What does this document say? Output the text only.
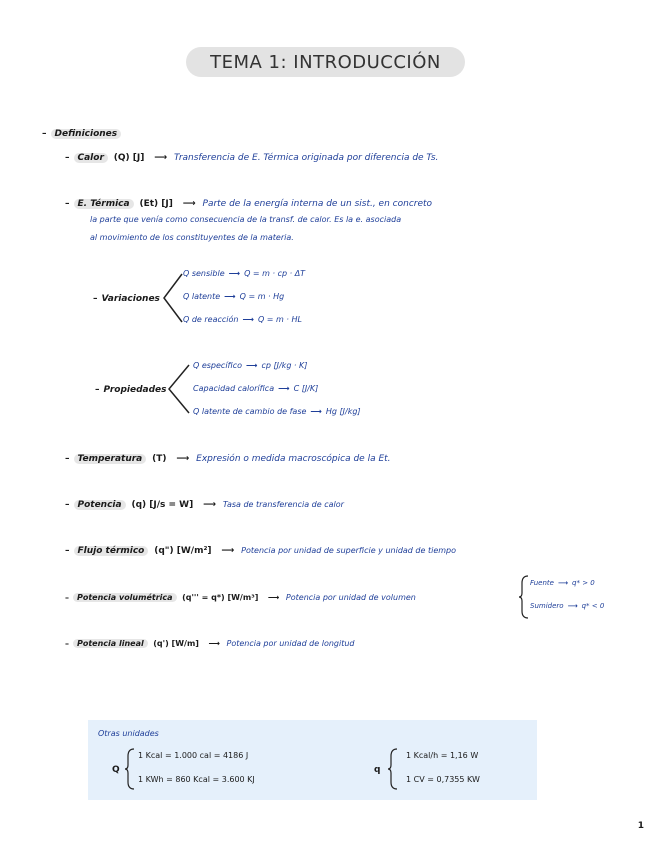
TEMA 1: INTRODUCCIÓN
– Definiciones
– Calor (Q) [J] ⟶ Transferencia de E. Térmica originada por diferencia de Ts.
– E. Térmica (Et) [J] ⟶ Parte de la energía interna de un sist., en concreto
la parte que venía como consecuencia de la transf. de calor. Es la e. asociada
al movimiento de los constituyentes de la materia.
– Variaciones
Q sensible ⟶ Q = m · cp · ΔT
Q latente ⟶ Q = m · Hg
Q de reacción ⟶ Q = m · HL
– Propiedades
Q específico ⟶ cp [J/kg · K]
Capacidad calorífica ⟶ C [J/K]
Q latente de cambio de fase ⟶ Hg [J/kg]
– Temperatura (T) ⟶ Expresión o medida macroscópica de la Et.
– Potencia (q) [J/s = W] ⟶ Tasa de transferencia de calor
– Flujo térmico (q") [W/m²] ⟶ Potencia por unidad de superficie y unidad de tiempo
– Potencia volumétrica (q''' = q*) [W/m³] ⟶ Potencia por unidad de volumen
Fuente ⟶ q* > 0
Sumidero ⟶ q* < 0
– Potencia lineal (q') [W/m] ⟶ Potencia por unidad de longitud
Otras unidades
Q
1 Kcal = 1.000 cal = 4186 J
1 KWh = 860 Kcal = 3.600 KJ
q
1 Kcal/h = 1,16 W
1 CV = 0,7355 KW
1
